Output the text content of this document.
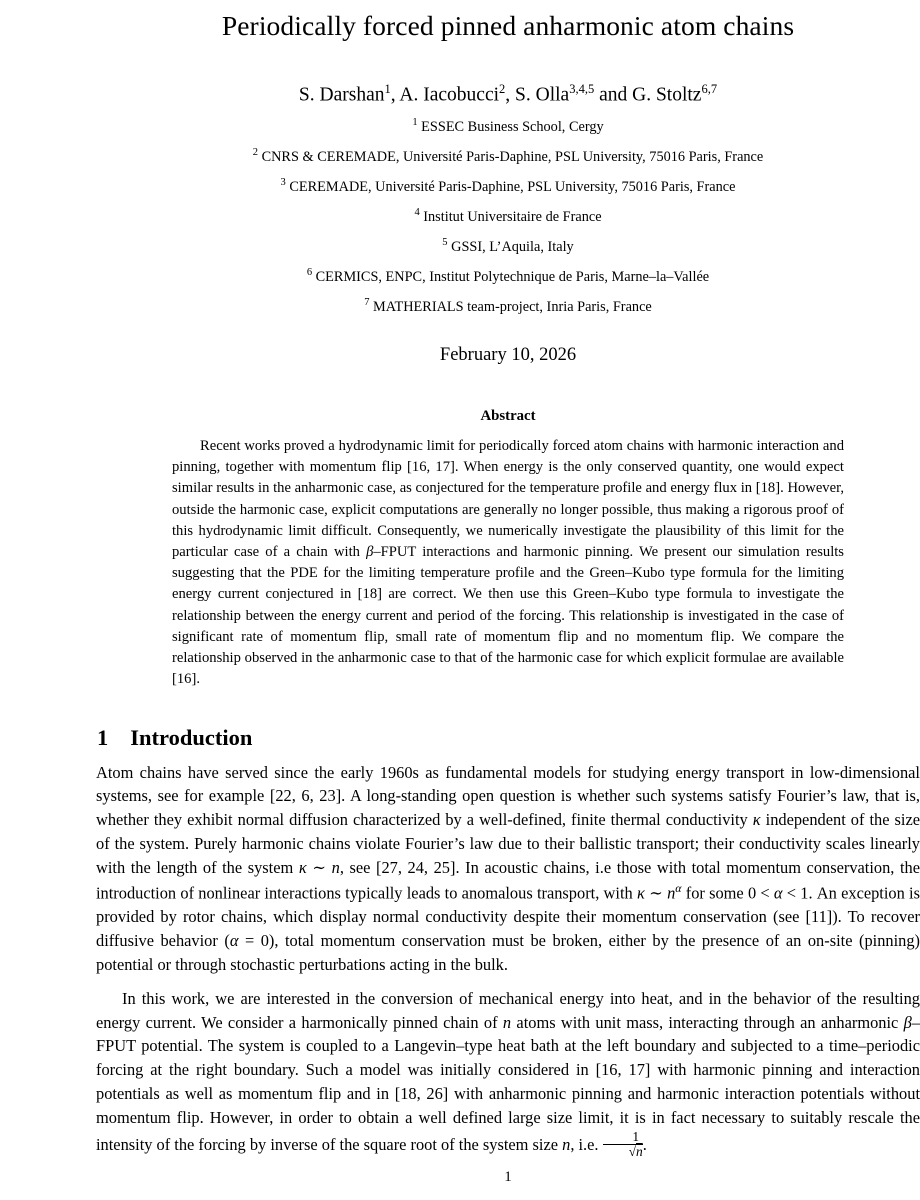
Periodically forced pinned anharmonic atom chains
S. Darshan$^1$, A. Iacobucci$^2$, S. Olla$^{3,4,5}$ and G. Stoltz$^{6,7}$
$^1$ ESSEC Business School, Cergy
$^2$ CNRS & CEREMADE, Université Paris-Daphine, PSL University, 75016 Paris, France
$^3$ CEREMADE, Université Paris-Daphine, PSL University, 75016 Paris, France
$^4$ Institut Universitaire de France
$^5$ GSSI, L’Aquila, Italy
$^6$ CERMICS, ENPC, Institut Polytechnique de Paris, Marne–la–Vallée
$^7$ MATHERIALS team-project, Inria Paris, France
February 10, 2026
Abstract
Recent works proved a hydrodynamic limit for periodically forced atom chains with harmonic interaction and pinning, together with momentum flip [16, 17]. When energy is the only conserved quantity, one would expect similar results in the anharmonic case, as conjectured for the temperature profile and energy flux in [18]. However, outside the harmonic case, explicit computations are generally no longer possible, thus making a rigorous proof of this hydrodynamic limit difficult. Consequently, we numerically investigate the plausibility of this limit for the particular case of a chain with β–FPUT interactions and harmonic pinning. We present our simulation results suggesting that the PDE for the limiting temperature profile and the Green–Kubo type formula for the limiting energy current conjectured in [18] are correct. We then use this Green–Kubo type formula to investigate the relationship between the energy current and period of the forcing. This relationship is investigated in the case of significant rate of momentum flip, small rate of momentum flip and no momentum flip. We compare the relationship observed in the anharmonic case to that of the harmonic case for which explicit formulae are available [16].
1 Introduction
Atom chains have served since the early 1960s as fundamental models for studying energy transport in low-dimensional systems, see for example [22, 6, 23]. A long-standing open question is whether such systems satisfy Fourier’s law, that is, whether they exhibit normal diffusion characterized by a well-defined, finite thermal conductivity κ independent of the size of the system. Purely harmonic chains violate Fourier’s law due to their ballistic transport; their conductivity scales linearly with the length of the system κ ∼ n, see [27, 24, 25]. In acoustic chains, i.e those with total momentum conservation, the introduction of nonlinear interactions typically leads to anomalous transport, with κ ∼ $n^\alpha$ for some 0 < α < 1. An exception is provided by rotor chains, which display normal conductivity despite their momentum conservation (see [11]). To recover diffusive behavior (α = 0), total momentum conservation must be broken, either by the presence of an on-site (pinning) potential or through stochastic perturbations acting in the bulk.
In this work, we are interested in the conversion of mechanical energy into heat, and in the behavior of the resulting energy current. We consider a harmonically pinned chain of n atoms with unit mass, interacting through an anharmonic β–FPUT potential. The system is coupled to a Langevin–type heat bath at the left boundary and subjected to a time–periodic forcing at the right boundary. Such a model was initially considered in [16, 17] with harmonic pinning and interaction potentials as well as momentum flip and in [18, 26] with anharmonic pinning and harmonic interaction potentials without momentum flip. However, in order to obtain a well defined large size limit, it is in fact necessary to suitably rescale the intensity of the forcing by inverse of the square root of the system size n, i.e. $\frac{1}{√n}$ .
1
